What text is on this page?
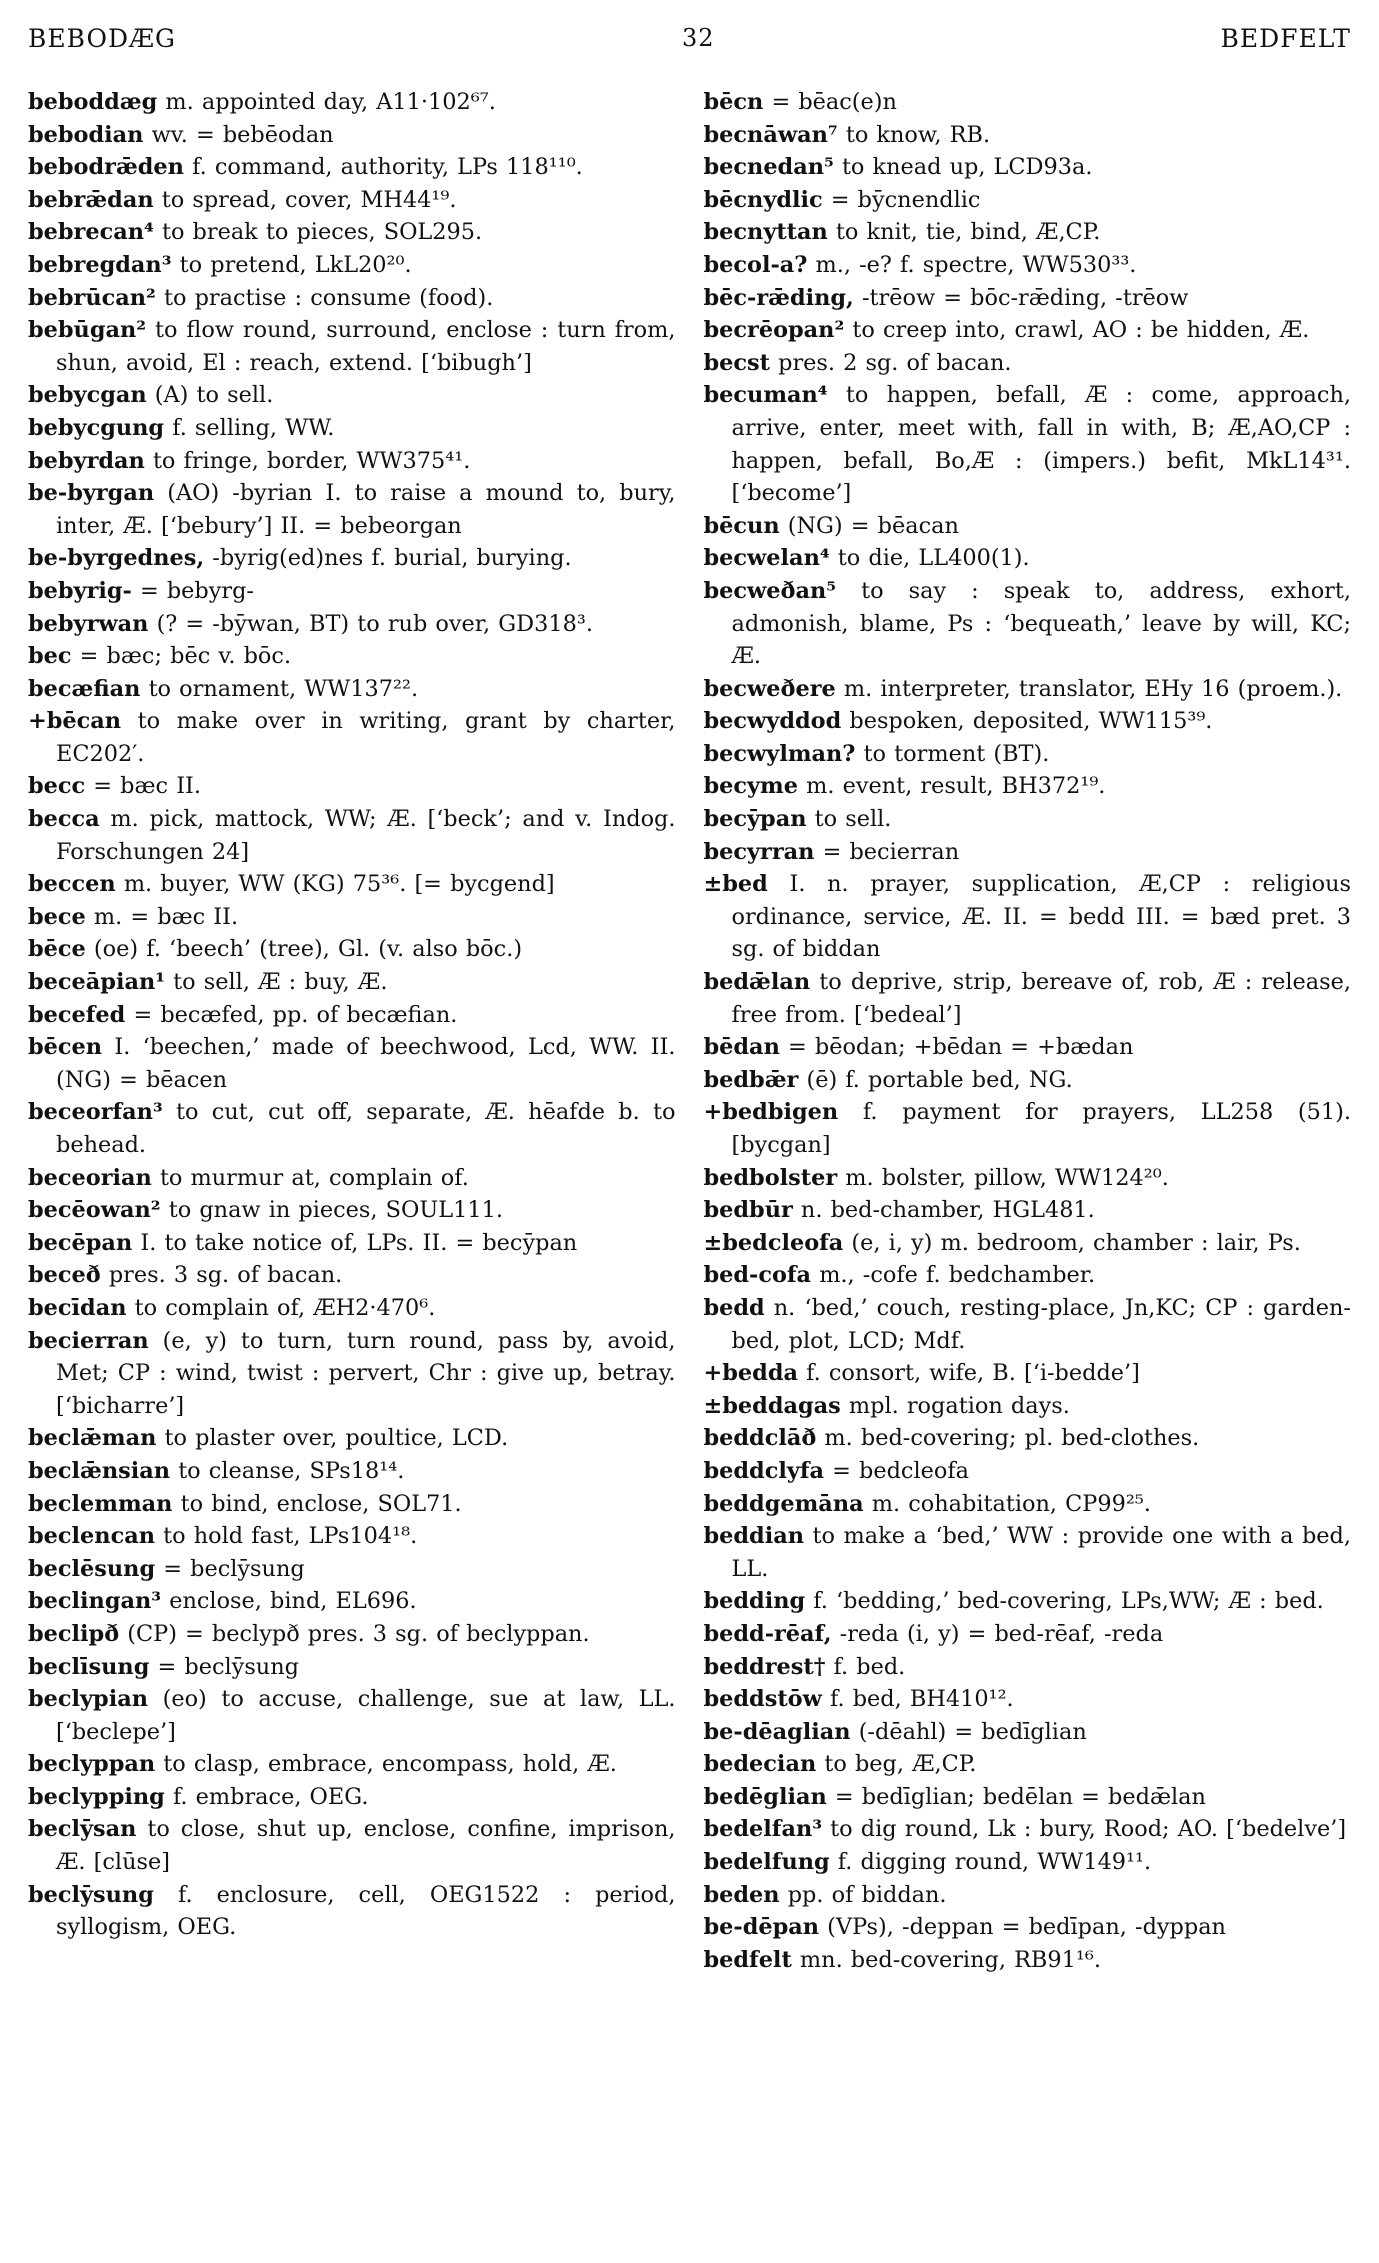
BEBODÆG	32	BEDFELT

beboddæg m. appointed day, A11·102⁶⁷.

bebodian wv. = bebēodan

bebodrǣden f. command, authority, LPs 118¹¹⁰.

bebrǣdan to spread, cover, MH44¹⁹.

bebrecan⁴ to break to pieces, SOL295.

bebregdan³ to pretend, LkL20²⁰.

bebrūcan² to practise : consume (food).

bebūgan² to flow round, surround, enclose : turn from, shun, avoid, El : reach, extend. [‘bibugh’]

bebycgan (A) to sell.

bebycgung f. selling, WW.

bebyrdan to fringe, border, WW375⁴¹.

be-byrgan (AO) -byrian I. to raise a mound to, bury, inter, Æ. [‘bebury’] II. = bebeorgan

be-byrgednes, -byrig(ed)nes f. burial, burying.

bebyrig- = bebyrg-

bebyrwan (? = -bȳwan, BT) to rub over, GD318³.

bec = bæc; bēc v. bōc.

becæfian to ornament, WW137²².

+bēcan to make over in writing, grant by charter, EC202′.

becc = bæc II.

becca m. pick, mattock, WW; Æ. [‘beck’; and v. Indog. Forschungen 24]

beccen m. buyer, WW (KG) 75³⁶. [= bycgend]

bece m. = bæc II.

bēce (oe) f. ‘beech’ (tree), Gl. (v. also bōc.)

beceāpian¹ to sell, Æ : buy, Æ.

becefed = becæfed, pp. of becæfian.

bēcen I. ‘beechen,’ made of beechwood, Lcd, WW. II. (NG) = bēacen

beceorfan³ to cut, cut off, separate, Æ. hēafde b. to behead.

beceorian to murmur at, complain of.

becēowan² to gnaw in pieces, SOUL111.

becēpan I. to take notice of, LPs. II. = becȳpan

beceð pres. 3 sg. of bacan.

becīdan to complain of, ÆH2·470⁶.

becierran (e, y) to turn, turn round, pass by, avoid, Met; CP : wind, twist : pervert, Chr : give up, betray. [‘bicharre’]

beclǣman to plaster over, poultice, LCD.

beclǣnsian to cleanse, SPs18¹⁴.

beclemman to bind, enclose, SOL71.

beclencan to hold fast, LPs104¹⁸.

beclēsung = beclȳsung

beclingan³ enclose, bind, EL696.

beclipð (CP) = beclypð pres. 3 sg. of beclyppan.

beclīsung = beclȳsung

beclypian (eo) to accuse, challenge, sue at law, LL. [‘beclepe’]

beclyppan to clasp, embrace, encompass, hold, Æ.

beclypping f. embrace, OEG.

beclȳsan to close, shut up, enclose, confine, imprison, Æ. [clūse]

beclȳsung f. enclosure, cell, OEG1522 : period, syllogism, OEG.

bēcn = bēac(e)n

becnāwan⁷ to know, RB.

becnedan⁵ to knead up, LCD93a.

bēcnydlic = bȳcnendlic

becnyttan to knit, tie, bind, Æ,CP.

becol-a? m., -e? f. spectre, WW530³³.

bēc-rǣding, -trēow = bōc-rǣding, -trēow

becrēopan² to creep into, crawl, AO : be hidden, Æ.

becst pres. 2 sg. of bacan.

becuman⁴ to happen, befall, Æ : come, approach, arrive, enter, meet with, fall in with, B; Æ,AO,CP : happen, befall, Bo,Æ : (impers.) befit, MkL14³¹. [‘become’]

bēcun (NG) = bēacan

becwelan⁴ to die, LL400(1).

becweðan⁵ to say : speak to, address, exhort, admonish, blame, Ps : ‘bequeath,’ leave by will, KC; Æ.

becweðere m. interpreter, translator, EHy 16 (proem.).

becwyddod bespoken, deposited, WW115³⁹.

becwylman? to torment (BT).

becyme m. event, result, BH372¹⁹.

becȳpan to sell.

becyrran = becierran

±bed I. n. prayer, supplication, Æ,CP : religious ordinance, service, Æ. II. = bedd III. = bæd pret. 3 sg. of biddan

bedǣlan to deprive, strip, bereave of, rob, Æ : release, free from. [‘bedeal’]

bēdan = bēodan; +bēdan = +bædan

bedbǣr (ē) f. portable bed, NG.

+bedbigen f. payment for prayers, LL258 (51). [bycgan]

bedbolster m. bolster, pillow, WW124²⁰.

bedbūr n. bed-chamber, HGL481.

±bedcleofa (e, i, y) m. bedroom, chamber : lair, Ps.

bed-cofa m., -cofe f. bedchamber.

bedd n. ‘bed,’ couch, resting-place, Jn,KC; CP : garden-bed, plot, LCD; Mdf.

+bedda f. consort, wife, B. [‘i-bedde’]

±beddagas mpl. rogation days.

beddclāð m. bed-covering; pl. bed-clothes.

beddclyfa = bedcleofa

beddgemāna m. cohabitation, CP99²⁵.

beddian to make a ‘bed,’ WW : provide one with a bed, LL.

bedding f. ‘bedding,’ bed-covering, LPs,WW; Æ : bed.

bedd-rēaf, -reda (i, y) = bed-rēaf, -reda

beddrest† f. bed.

beddstōw f. bed, BH410¹².

be-dēaglian (-dēahl) = bedīglian

bedecian to beg, Æ,CP.

bedēglian = bedīglian; bedēlan = bedǣlan

bedelfan³ to dig round, Lk : bury, Rood; AO. [‘bedelve’]

bedelfung f. digging round, WW149¹¹.

beden pp. of biddan.

be-dēpan (VPs), -deppan = bedīpan, -dyppan

bedfelt mn. bed-covering, RB91¹⁶.
